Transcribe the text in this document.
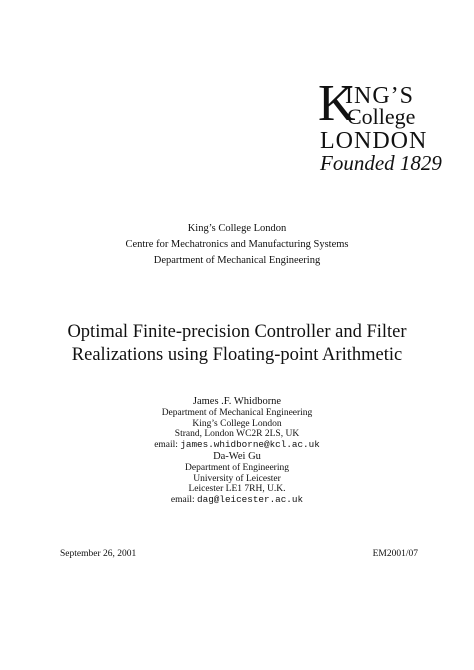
K
ING’S
College
LONDON
Founded 1829
King’s College London
Centre for Mechatronics and Manufacturing Systems
Department of Mechanical Engineering
Optimal Finite-precision Controller and Filter
Realizations using Floating-point Arithmetic
James .F. Whidborne
Department of Mechanical Engineering
King’s College London
Strand, London WC2R 2LS, UK
email: james.whidborne@kcl.ac.uk
Da-Wei Gu
Department of Engineering
University of Leicester
Leicester LE1 7RH, U.K.
email: dag@leicester.ac.uk
September 26, 2001	EM2001/07
